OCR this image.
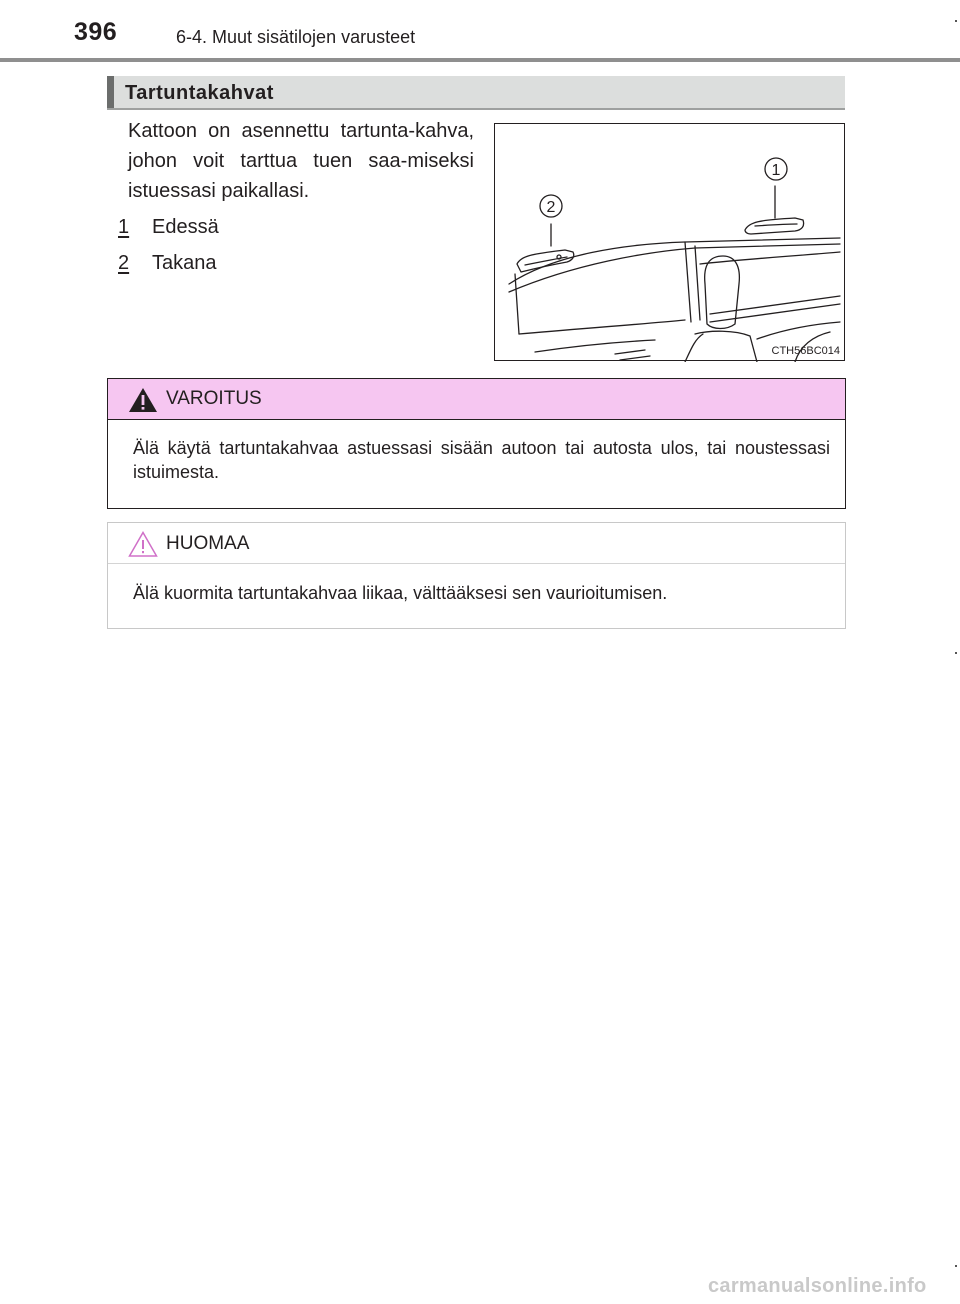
396	6-4. Muut sisätilojen varusteet
Tartuntakahvat
Kattoon on asennettu tartunta-kahva, johon voit tarttua tuen saa-miseksi istuessasi paikallasi.
1 Edessä
2 Takana
2
1
CTH56BC014
VAROITUS
Älä käytä tartuntakahvaa astuessasi sisään autoon tai autosta ulos, tai noustessasi istuimesta.
HUOMAA
Älä kuormita tartuntakahvaa liikaa, välttääksesi sen vaurioitumisen.
carmanualsonline.info
